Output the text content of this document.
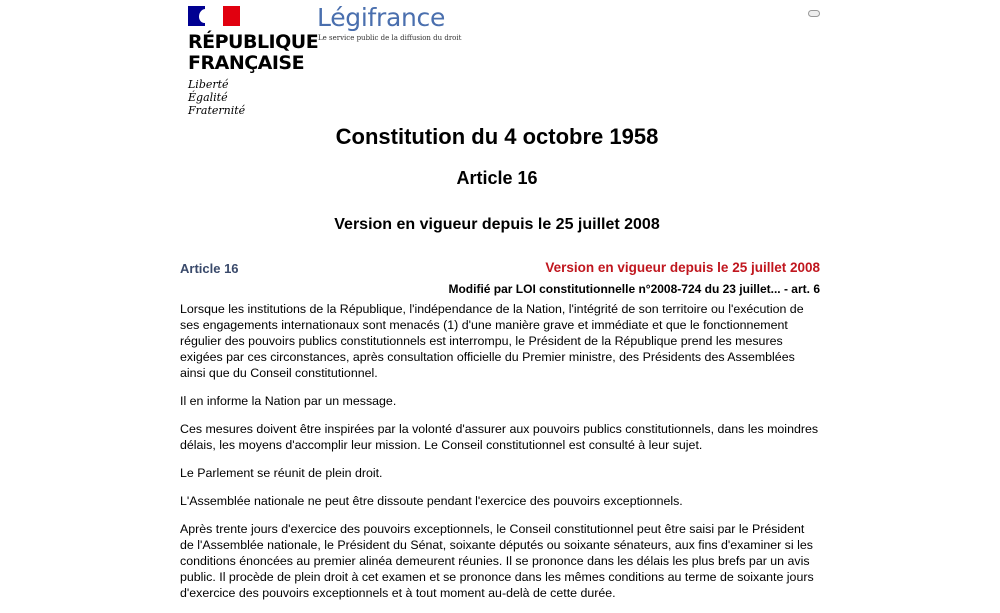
RÉPUBLIQUE
FRANÇAISE
Liberté
Égalité
Fraternité
Légifrance
Le service public de la diffusion du droit
Constitution du 4 octobre 1958
Article 16
Version en vigueur depuis le 25 juillet 2008
Article 16	Version en vigueur depuis le 25 juillet 2008
Modifié par LOI constitutionnelle n°2008-724 du 23 juillet... - art. 6

Lorsque les institutions de la République, l'indépendance de la Nation, l'intégrité de son territoire ou l'exécution de ses engagements internationaux sont menacés (1) d'une manière grave et immédiate et que le fonctionnement régulier des pouvoirs publics constitutionnels est interrompu, le Président de la République prend les mesures exigées par ces circonstances, après consultation officielle du Premier ministre, des Présidents des Assemblées ainsi que du Conseil constitutionnel.

Il en informe la Nation par un message.

Ces mesures doivent être inspirées par la volonté d'assurer aux pouvoirs publics constitutionnels, dans les moindres délais, les moyens d'accomplir leur mission. Le Conseil constitutionnel est consulté à leur sujet.

Le Parlement se réunit de plein droit.

L'Assemblée nationale ne peut être dissoute pendant l'exercice des pouvoirs exceptionnels.

Après trente jours d'exercice des pouvoirs exceptionnels, le Conseil constitutionnel peut être saisi par le Président de l'Assemblée nationale, le Président du Sénat, soixante députés ou soixante sénateurs, aux fins d'examiner si les conditions énoncées au premier alinéa demeurent réunies. Il se prononce dans les délais les plus brefs par un avis public. Il procède de plein droit à cet examen et se prononce dans les mêmes conditions au terme de soixante jours d'exercice des pouvoirs exceptionnels et à tout moment au-delà de cette durée.
